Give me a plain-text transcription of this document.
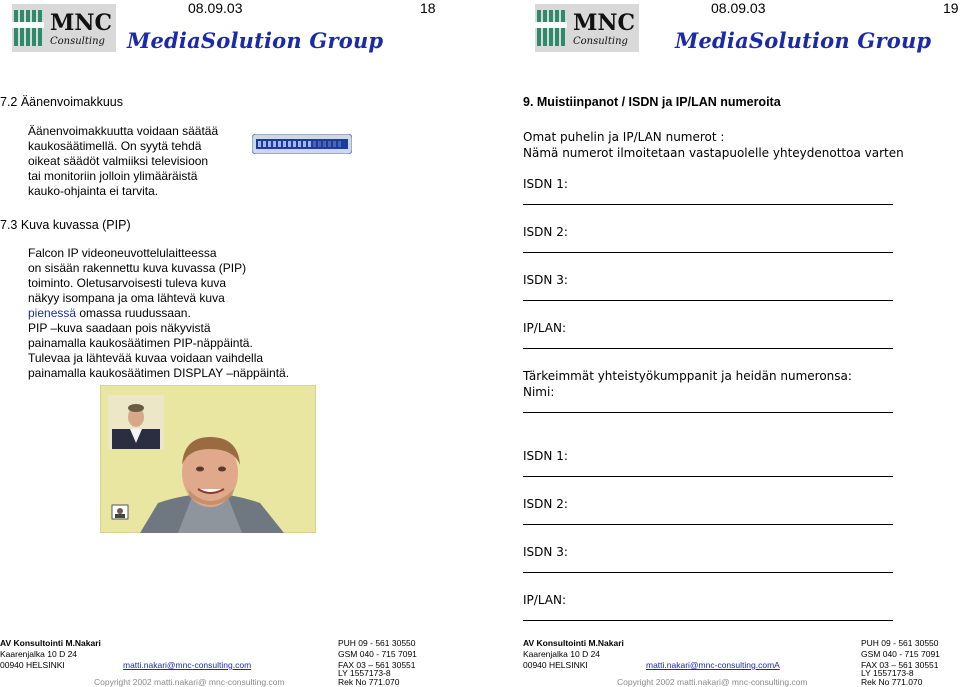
MNC
Consulting MediaSolution Group
08.09.03	18
MNC
Consulting MediaSolution Group
08.09.03	19
7.2 Äänenvoimakkuus
Äänenvoimakkuutta voidaan säätää
kaukosäätimellä. On syytä tehdä
oikeat säädöt valmiiksi televisioon
tai monitoriin jolloin ylimääräistä
kauko-ohjainta ei tarvita.
7.3 Kuva kuvassa (PIP)
Falcon IP videoneuvottelulaitteessa
on sisään rakennettu kuva kuvassa (PIP)
toiminto. Oletusarvoisesti tuleva kuva
näkyy isompana ja oma lähtevä kuva
pienessä omassa ruudussaan.
PIP –kuva saadaan pois näkyvistä
painamalla kaukosäätimen PIP-näppäintä.
Tulevaa ja lähtevää kuvaa voidaan vaihdella
painamalla kaukosäätimen DISPLAY –näppäintä.
9. Muistiinpanot / ISDN ja IP/LAN numeroita
Omat puhelin ja IP/LAN numerot :
Nämä numerot ilmoitetaan vastapuolelle yhteydenottoa varten
ISDN 1:
ISDN 2:
ISDN 3:
IP/LAN:
Tärkeimmät yhteistyökumppanit ja heidän numeronsa:
Nimi:
ISDN 1:
ISDN 2:
ISDN 3:
IP/LAN:
AV Konsultointi M.Nakari
Kaarenjalka 10 D 24
00940 HELSINKI	matti.nakari@mnc-consulting.com
Copyright 2002 matti.nakari@ mnc-consulting.com
PUH 09 - 561 30550
GSM 040 - 715 7091
FAX 03 – 561 30551
LY 1557173-8
Rek No 771.070
AV Konsultointi M.Nakari
Kaarenjalka 10 D 24
00940 HELSINKI	matti.nakari@mnc-consulting.comA
Copyright 2002 matti.nakari@ mnc-consulting.com
PUH 09 - 561 30550
GSM 040 - 715 7091
FAX 03 – 561 30551
LY 1557173-8
Rek No 771.070
